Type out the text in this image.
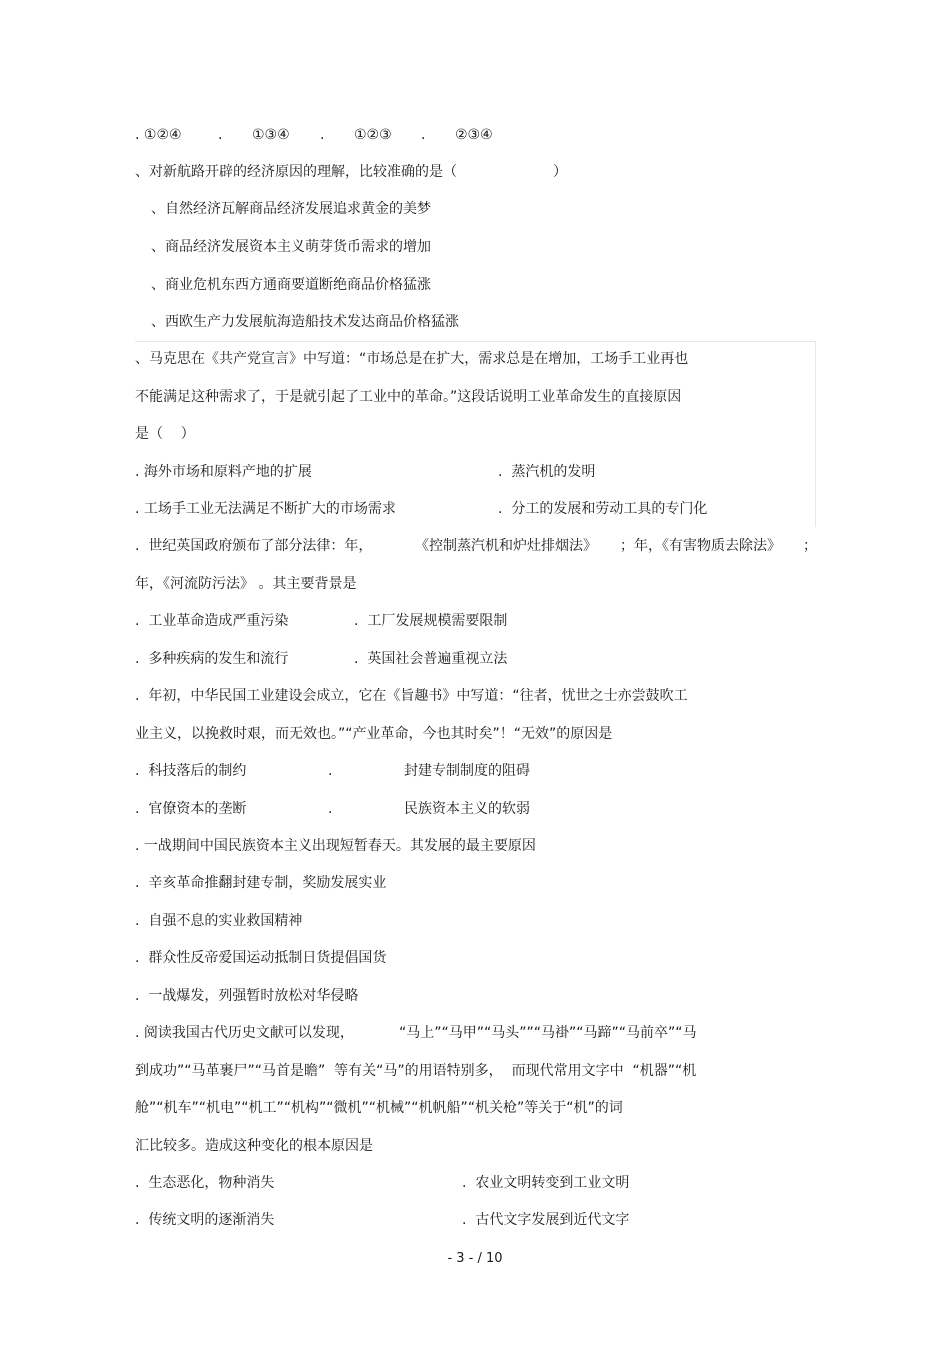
. ①②④	. ①③④ . ①②③ . ②③④
、对新航路开辟的经济原因的理解，比较准确的是（	）
、自然经济瓦解商品经济发展追求黄金的美梦
、商品经济发展资本主义萌芽货币需求的增加
、商业危机东西方通商要道断绝商品价格猛涨
、西欧生产力发展航海造船技术发达商品价格猛涨
、马克思在《共产党宣言》中写道：“市场总是在扩大，需求总是在增加，工场手工业再也
不能满足这种需求了，于是就引起了工业中的革命。”这段话说明工业革命发生的直接原因
是（    ）
. 海外市场和原料产地的扩展	.  蒸汽机的发明
. 工场手工业无法满足不断扩大的市场需求	.  分工的发展和劳动工具的专门化
.  世纪英国政府颁布了部分法律：年，	《控制蒸汽机和炉灶排烟法》 ；年，《有害物质去除法》 ；
年，《河流防污法》 。其主要背景是
.  工业革命造成严重污染	.  工厂发展规模需要限制
.  多种疾病的发生和流行	.  英国社会普遍重视立法
.  年初，中华民国工业建设会成立，它在《旨趣书》中写道：“往者，忧世之士亦尝鼓吹工
业主义，以挽救时艰，而无效也。”“产业革命，今也其时矣”！“无效”的原因是
.  科技落后的制约	.	封建专制制度的阻碍
.  官僚资本的垄断	.	民族资本主义的软弱
. 一战期间中国民族资本主义出现短暂春天。其发展的最主要原因
.  辛亥革命推翻封建专制，奖励发展实业
.  自强不息的实业救国精神
.  群众性反帝爱国运动抵制日货提倡国货
.  一战爆发，列强暂时放松对华侵略
. 阅读我国古代历史文献可以发现，	“马上”“马甲”“马头””“马褂”“马蹄”“马前卒”“马
到成功”“马革裹尸”“马首是瞻”  等有关“马”的用语特别多，  而现代常用文字中  “机器”“机
舱”“机车”“机电”“机工”“机构”“微机”“机械”“机帆船”“机关枪”等关于“机”的词
汇比较多。造成这种变化的根本原因是
.  生态恶化，物种消失	.  农业文明转变到工业文明
.  传统文明的逐渐消失	.  古代文字发展到近代文字
- 3 - / 10
